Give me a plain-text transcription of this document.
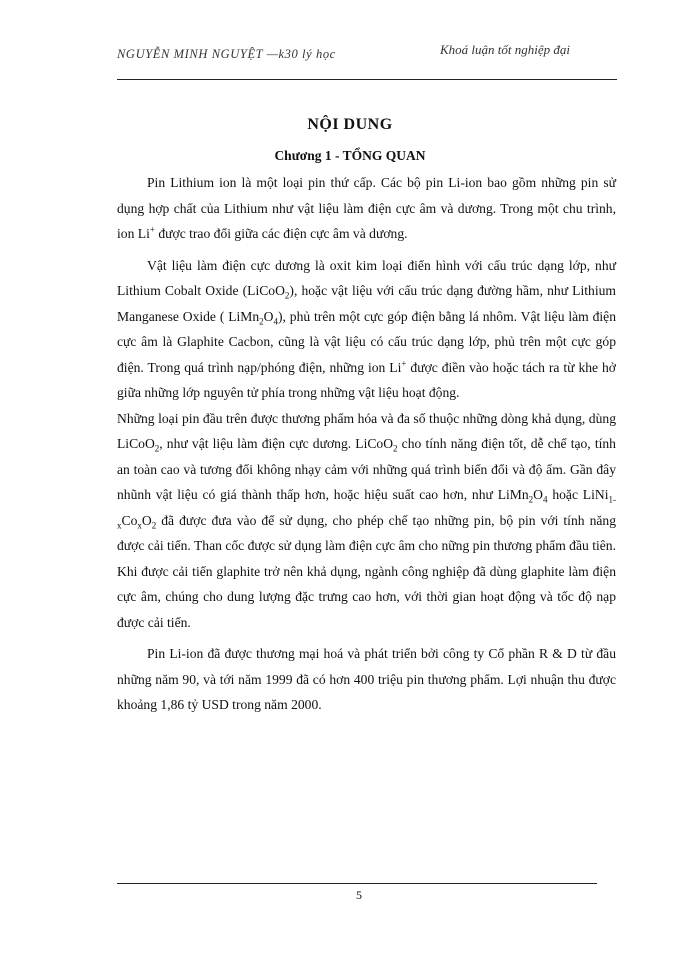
NGUYỄN MINH NGUYỆT —k30 lý học	Khoá luận tốt nghiệp đại
NỘI DUNG
Chương 1 - TỔNG QUAN

Pin Lithium ion là một loại pin thứ cấp. Các bộ pin Li-ion bao gồm những pin sử dụng hợp chất của Lithium như vật liệu làm điện cực âm và dương. Trong một chu trình, ion Li+ được trao đổi giữa các điện cực âm và dương.

Vật liệu làm điện cực dương là oxit kim loại điển hình với cấu trúc dạng lớp, như Lithium Cobalt Oxide (LiCoO$_2$), hoặc vật liệu với cấu trúc dạng đường hầm, như Lithium Manganese Oxide ( $LiMn_2O_4$), phủ trên một cực góp điện bằng lá nhôm. Vật liệu làm điện cực âm là Glaphite Cacbon, cũng là vật liệu có cấu trúc dạng lớp, phủ trên một cực góp điện. Trong quá trình nạp/phóng điện, những ion Li+ được điền vào hoặc tách ra từ khe hở giữa những lớp nguyên tử phía trong những vật liệu hoạt động.

Những loại pin đầu trên được thương phẩm hóa và đa số thuộc những dòng khả dụng, dùng LiCoO$_2$, như vật liệu làm điện cực dương. LiCoO$_2$ cho tính năng điện tốt, dễ chế tạo, tính an toàn cao và tương đối không nhạy cảm với những quá trình biến đổi và độ ẩm. Gần đây nhũnh vật liệu có giá thành thấp hơn, hoặc hiệu suất cao hơn, như $LiMn_2O_4$ hoặc $LiNi_{1-x}Co_xO_2$ đã được đưa vào để sử dụng, cho phép chế tạo những pin, bộ pin với tính năng được cải tiến. Than cốc được sử dụng làm điện cực âm cho nững pin thương phẩm đầu tiên. Khi được cải tiến glaphite trở nên khả dụng, ngành công nghiệp đã dùng glaphite làm điện cực âm, chúng cho dung lượng đặc trưng cao hơn, với thời gian hoạt động và tốc độ nạp được cải tiến.

Pin Li-ion đã được thương mại hoá và phát triển bởi công ty Cổ phần R & D từ đầu những năm 90, và tới năm 1999 đã có hơn 400 triệu pin thương phẩm. Lợi nhuận thu được khoảng 1,86 tỷ USD trong năm 2000.

5
